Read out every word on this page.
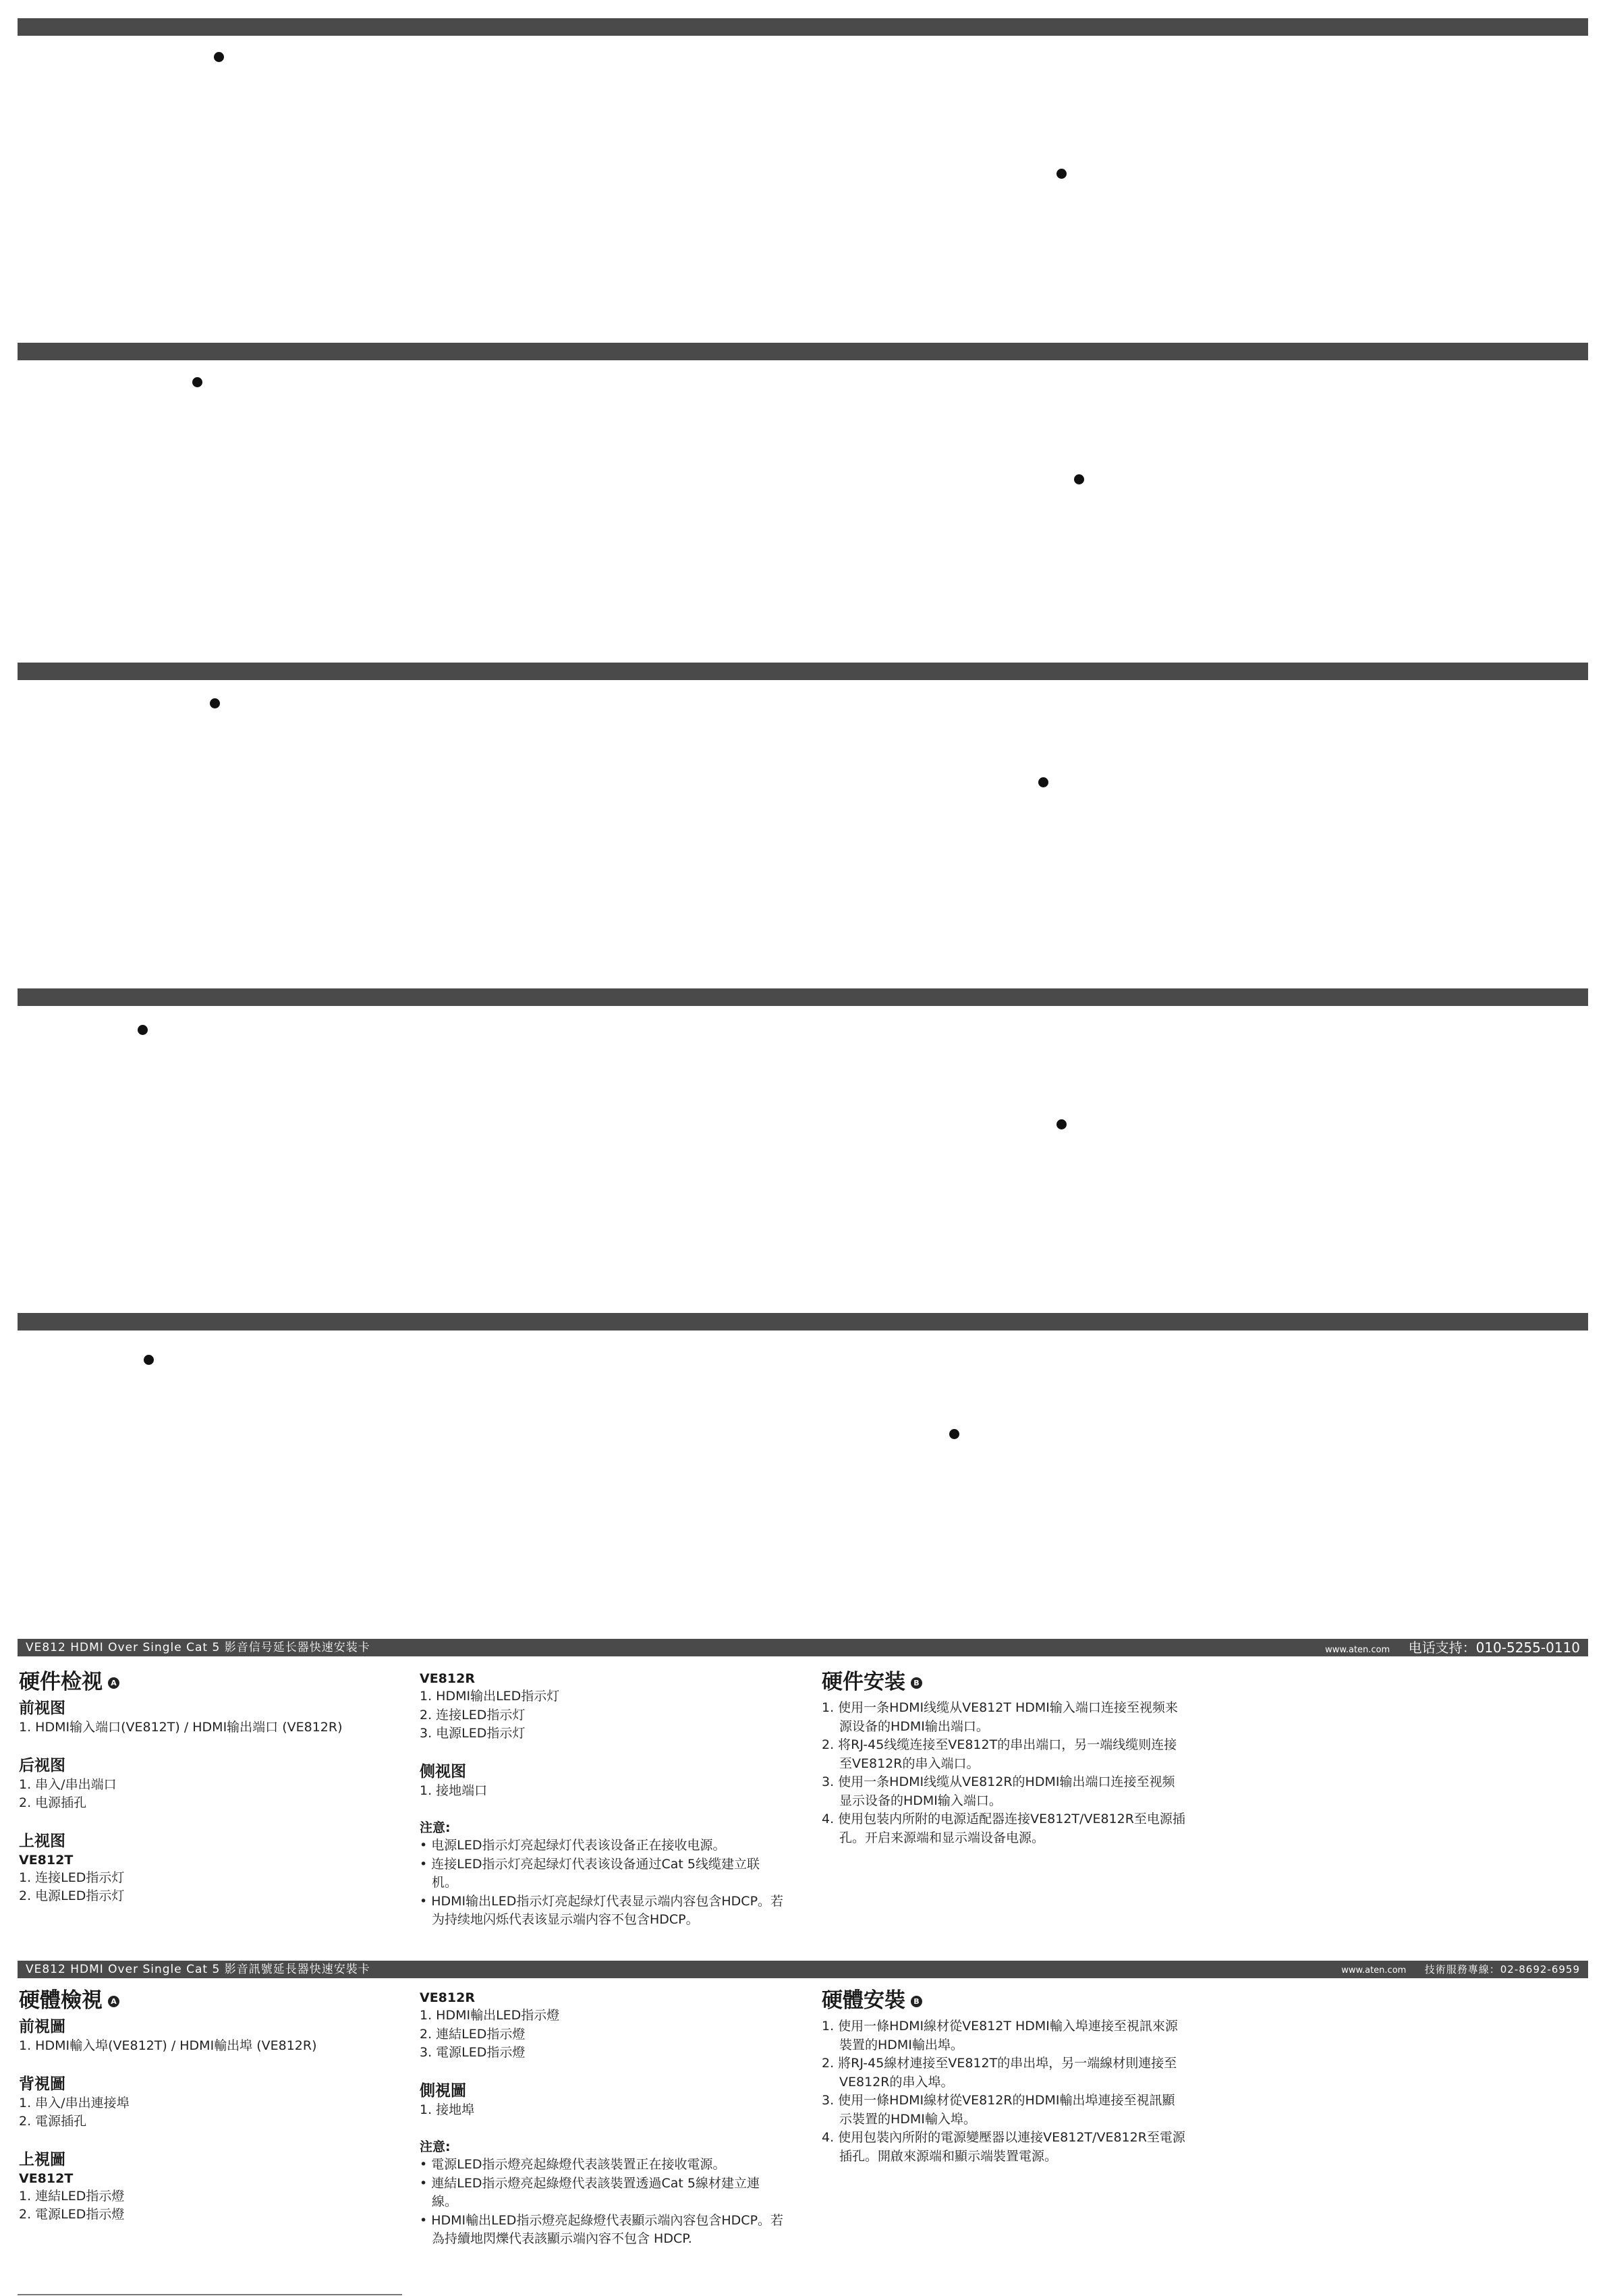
VE812 HDMI Over Single Cat 5 影音信号延长器快速安装卡	www.aten.com 电话支持：010-5255-0110
硬件检视 A
前视图

1. HDMI输入端口(VE812T) / HDMI输出端口 (VE812R)

后视图

1. 串入/串出端口

2. 电源插孔

上视图
VE812T

1. 连接LED指示灯

2. 电源LED指示灯

VE812R

1. HDMI输出LED指示灯

2. 连接LED指示灯

3. 电源LED指示灯

侧视图

1. 接地端口

注意:
• 电源LED指示灯亮起绿灯代表该设备正在接收电源。
• 连接LED指示灯亮起绿灯代表该设备通过Cat 5线缆建立联机。
• HDMI输出LED指示灯亮起绿灯代表显示端内容包含HDCP。若为持续地闪烁代表该显示端内容不包含HDCP。
硬件安装 B
1. 使用一条HDMI线缆从VE812T HDMI输入端口连接至视频来源设备的HDMI输出端口。
2. 将RJ-45线缆连接至VE812T的串出端口，另一端线缆则连接至VE812R的串入端口。
3. 使用一条HDMI线缆从VE812R的HDMI输出端口连接至视频显示设备的HDMI输入端口。
4. 使用包装内所附的电源适配器连接VE812T/VE812R至电源插孔。开启来源端和显示端设备电源。
VE812 HDMI Over Single Cat 5 影音訊號延長器快速安裝卡	www.aten.com 技術服務專線：02-8692-6959
硬體檢視 A
前視圖

1. HDMI輸入埠(VE812T) / HDMI輸出埠 (VE812R)

背視圖

1. 串入/串出連接埠

2. 電源插孔

上視圖
VE812T

1. 連結LED指示燈

2. 電源LED指示燈

VE812R

1. HDMI輸出LED指示燈

2. 連結LED指示燈

3. 電源LED指示燈

側視圖

1. 接地埠

注意:
• 電源LED指示燈亮起綠燈代表該裝置正在接收電源。
• 連結LED指示燈亮起綠燈代表該裝置透過Cat 5線材建立連線。
• HDMI輸出LED指示燈亮起綠燈代表顯示端內容包含HDCP。若為持續地閃爍代表該顯示端內容不包含 HDCP.
硬體安裝 B
1. 使用一條HDMI線材從VE812T HDMI輸入埠連接至視訊來源裝置的HDMI輸出埠。
2. 將RJ-45線材連接至VE812T的串出埠，另一端線材則連接至VE812R的串入埠。
3. 使用一條HDMI線材從VE812R的HDMI輸出埠連接至視訊顯示裝置的HDMI輸入埠。
4. 使用包裝內所附的電源變壓器以連接VE812T/VE812R至電源插孔。開啟來源端和顯示端裝置電源。
